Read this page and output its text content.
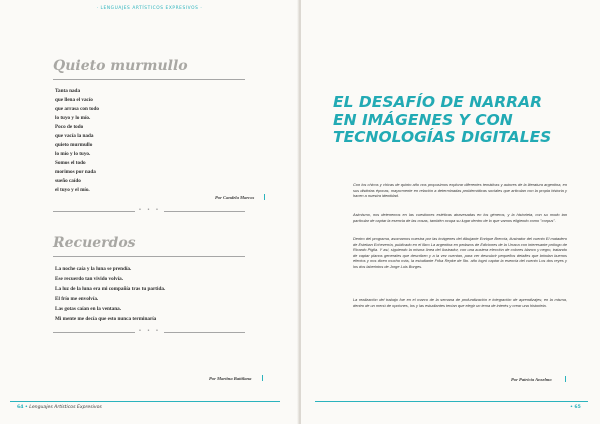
· LENGUAJES ARTÍSTICOS EXPRESIVOS ·
Quieto murmullo
Tanta nada
que llena el vacío
que arrasa con todo
lo tuyo y lo mío.
Poco de todo
que vacía la nada
quieto murmullo
lo mío y lo tuyo.
Somos el todo
morimos por nada
sueño caído
el tuyo y el mío.
Por Candela Marcos
• • •
Recuerdos
La noche caía y la luna se prendía.
Ese recuerdo tan vivido volvía.
La luz de la luna era mi compañía tras tu partida.
El frío me envolvía.
Las gotas caían en la ventana.
Mi mente me decía que esto nunca terminaría
• • •
Por Martina Battilana
64 • Lenguajes Artísticos Expresivos
EL DESAFÍO DE NARRAR
EN IMÁGENES Y CON
TECNOLOGÍAS DIGITALES

Con los chicos y chicas de quinto año nos propusimos explorar diferentes temáticas y autores de la literatura argentina, en sus distintas épocas, mayormente en relación a determinadas problemáticas sociales que articulan con la propia historia y hacen a nuestra identidad.

Asimismo, nos detenemos en las cuestiones estéticas atravesadas en los géneros, y la historieta, con su modo tan particular de captar la esencia de las cosas, también ocupa su lugar dentro de lo que vamos eligiendo como "corpus".

Dentro del programa, asomamos nuestra por las imágenes del dibujante Enrique Breccia, ilustrador del cuento El matadero de Esteban Echeverría, publicado en el libro La argentina en pedazos de Ediciones de la Urraca con interesante prólogo de Ricardo Piglia. Y así, siguiendo la misma línea del ilustrador, con una austera elección de colores blanco y negro, tratando de captar planos generales que describen y a la vez cuentan, para ver descubrir pequeños detalles que brindan buenos efectos y nos dicen mucho más, la estudiante Frika Repke de 5to. año logró captar la esencia del cuento Los dos reyes y los dos laberintos de Jorge Luis Borges.

La realización del trabajo fue en el marco de la semana de profundización e integración de aprendizajes; en la misma, dentro de un menú de opciones, los y las estudiantes tenían que elegir un tema de interés y crear una historieta.

Por Patricia Anselmo
• 65
